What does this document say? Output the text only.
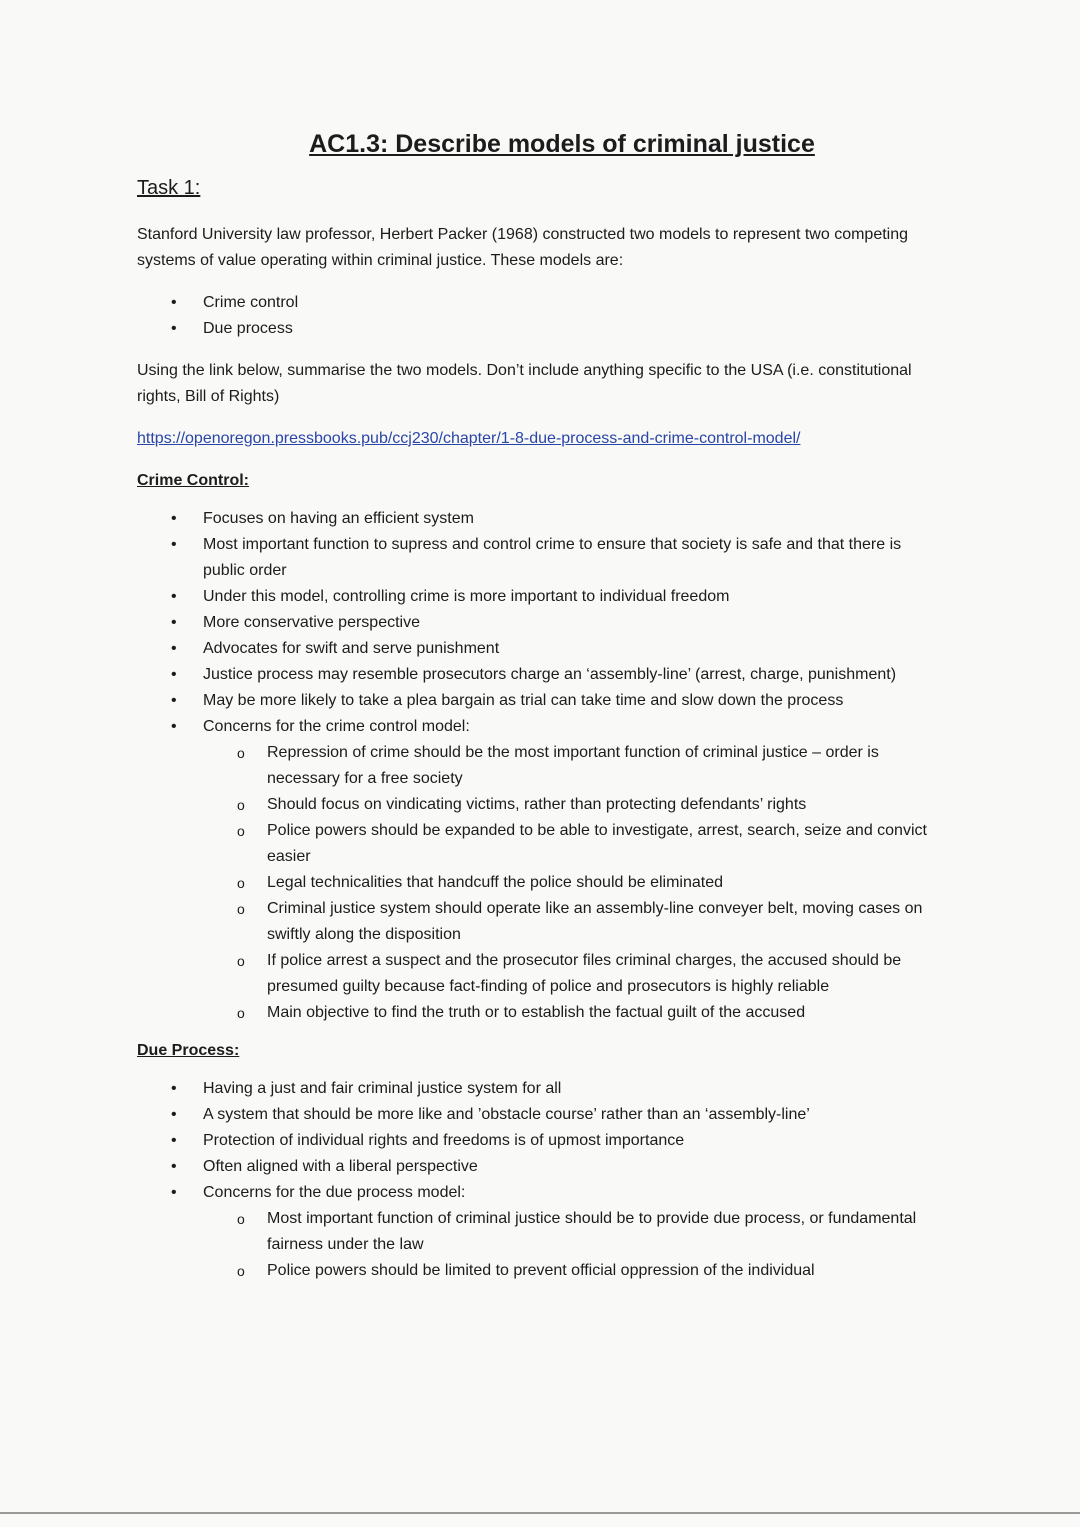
AC1.3: Describe models of criminal justice
Task 1:

Stanford University law professor, Herbert Packer (1968) constructed two models to represent two competing systems of value operating within criminal justice. These models are:

• Crime control
• Due process

Using the link below, summarise the two models. Don’t include anything specific to the USA (i.e. constitutional rights, Bill of Rights)

https://openoregon.pressbooks.pub/ccj230/chapter/1-8-due-process-and-crime-control-model/
Crime Control:
• Focuses on having an efficient system
• Most important function to supress and control crime to ensure that society is safe and that there is public order
• Under this model, controlling crime is more important to individual freedom
• More conservative perspective
• Advocates for swift and serve punishment
• Justice process may resemble prosecutors charge an ‘assembly-line’ (arrest, charge, punishment)
• May be more likely to take a plea bargain as trial can take time and slow down the process
• Concerns for the crime control model:
o Repression of crime should be the most important function of criminal justice – order is necessary for a free society
o Should focus on vindicating victims, rather than protecting defendants’ rights
o Police powers should be expanded to be able to investigate, arrest, search, seize and convict easier
o Legal technicalities that handcuff the police should be eliminated
o Criminal justice system should operate like an assembly-line conveyer belt, moving cases on swiftly along the disposition
o If police arrest a suspect and the prosecutor files criminal charges, the accused should be presumed guilty because fact-finding of police and prosecutors is highly reliable
o Main objective to find the truth or to establish the factual guilt of the accused
Due Process:
• Having a just and fair criminal justice system for all
• A system that should be more like and ’obstacle course’ rather than an ‘assembly-line’
• Protection of individual rights and freedoms is of upmost importance
• Often aligned with a liberal perspective
• Concerns for the due process model:
o Most important function of criminal justice should be to provide due process, or fundamental fairness under the law
o Police powers should be limited to prevent official oppression of the individual
